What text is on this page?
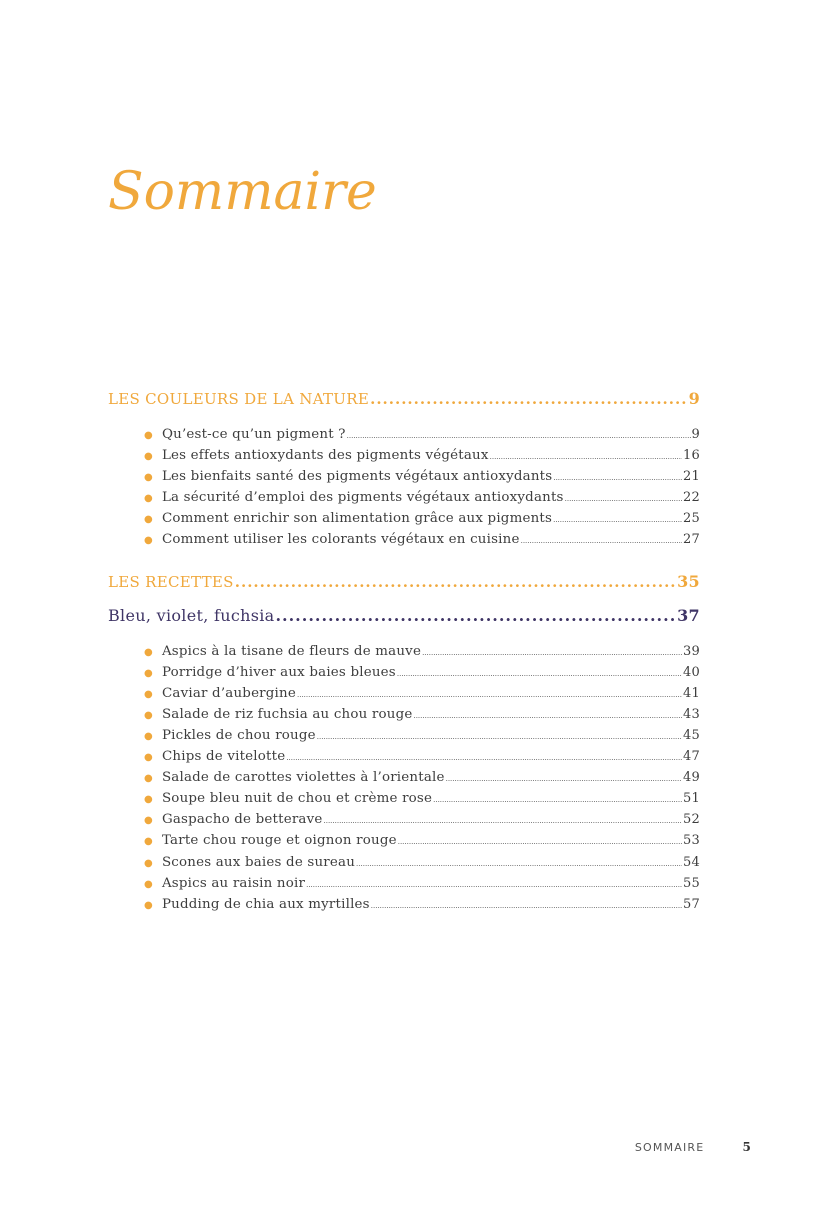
Sommaire
LES COULEURS DE LA NATURE .....	9
● Qu’est-ce qu’un pigment ? .....	9
● Les effets antioxydants des pigments végétaux .....	16
● Les bienfaits santé des pigments végétaux antioxydants .....	21
● La sécurité d’emploi des pigments végétaux antioxydants .....	22
● Comment enrichir son alimentation grâce aux pigments .....	25
● Comment utiliser les colorants végétaux en cuisine .....	27
LES RECETTES .....	35
Bleu, violet, fuchsia .....	37
● Aspics à la tisane de fleurs de mauve .....	39
● Porridge d’hiver aux baies bleues .....	40
● Caviar d’aubergine .....	41
● Salade de riz fuchsia au chou rouge .....	43
● Pickles de chou rouge .....	45
● Chips de vitelotte .....	47
● Salade de carottes violettes à l’orientale .....	49
● Soupe bleu nuit de chou et crème rose .....	51
● Gaspacho de betterave .....	52
● Tarte chou rouge et oignon rouge .....	53
● Scones aux baies de sureau .....	54
● Aspics au raisin noir .....	55
● Pudding de chia aux myrtilles .....	57
SOMMAIRE	5
